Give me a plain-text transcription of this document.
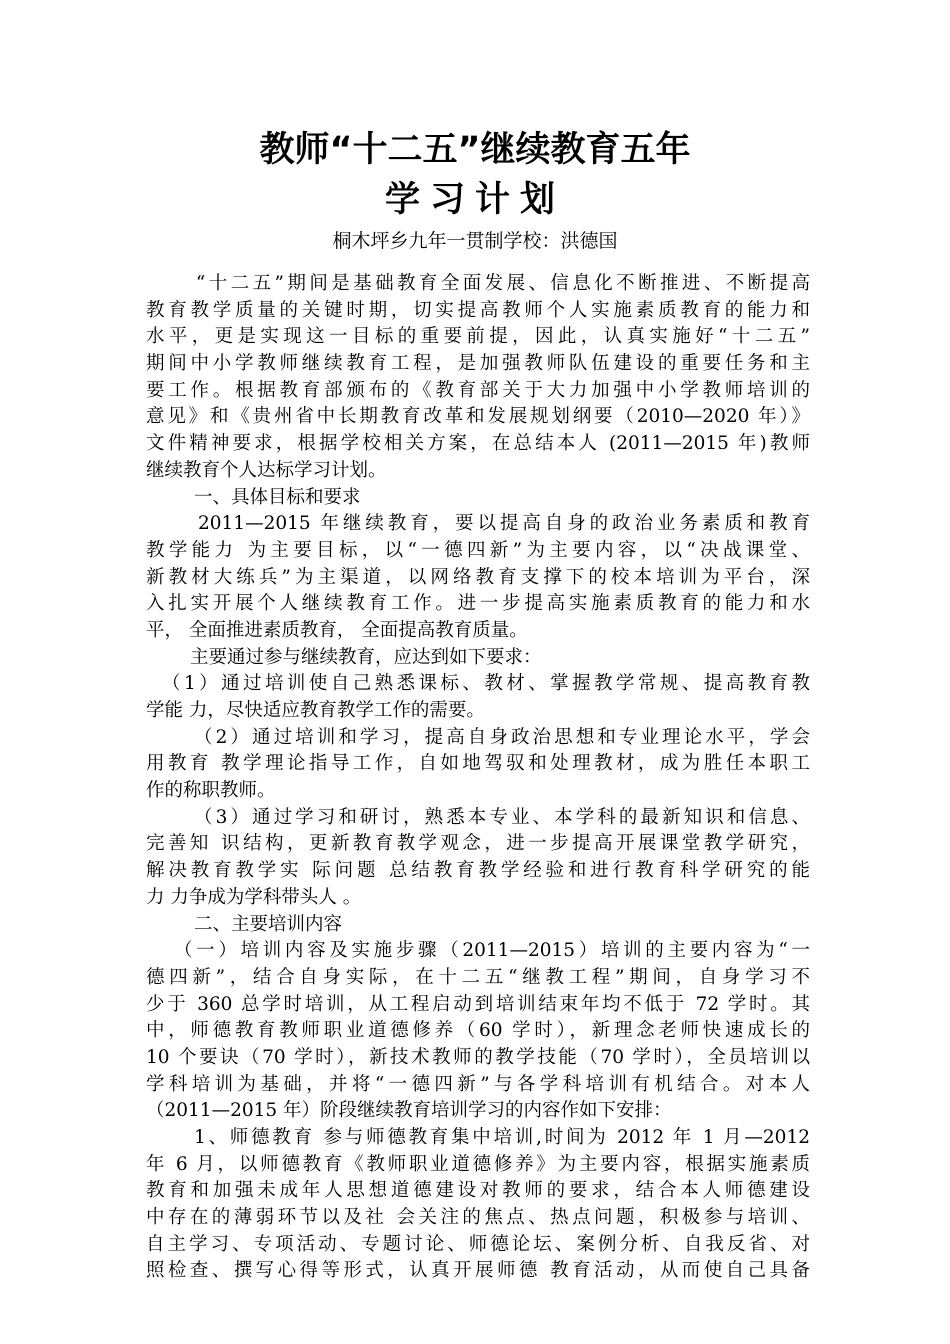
教师“十二五”继续教育五年
学习计划
桐木坪乡九年一贯制学校：洪德国
　“十二五”期间是基础教育全面发展、信息化不断推进、不断提高
教育教学质量的关键时期，切实提高教师个人实施素质教育的能力和
水平，更是实现这一目标的重要前提，因此，认真实施好“十二五”
期间中小学教师继续教育工程，是加强教师队伍建设的重要任务和主
要工作。根据教育部颁布的《教育部关于大力加强中小学教师培训的
意见》和《贵州省中长期教育改革和发展规划纲要（2010—2020 年）》
文件精神要求，根据学校相关方案，在总结本人 (2011—2015 年)教师
继续教育个人达标学习计划。
一、具体目标和要求
2011—2015 年继续教育，要以提高自身的政治业务素质和教育
教学能力 为主要目标，以“一德四新”为主要内容，以“决战课堂、
新教材大练兵”为主渠道，以网络教育支撑下的校本培训为平台，深
入扎实开展个人继续教育工作。进一步提高实施素质教育的能力和水
平， 全面推进素质教育， 全面提高教育质量。
主要通过参与继续教育，应达到如下要求：
（1）通过培训使自己熟悉课标、教材、掌握教学常规、提高教育教
学能 力，尽快适应教育教学工作的需要。
（2）通过培训和学习，提高自身政治思想和专业理论水平，学会
用教育 教学理论指导工作，自如地驾驭和处理教材，成为胜任本职工
作的称职教师。
（3）通过学习和研讨，熟悉本专业、本学科的最新知识和信息、
完善知 识结构，更新教育教学观念，进一步提高开展课堂教学研究，
解决教育教学实 际问题 总结教育教学经验和进行教育科学研究的能
力 力争成为学科带头人 。
二、主要培训内容
（一）培训内容及实施步骤（2011—2015）培训的主要内容为“一
德四新”，结合自身实际，在十二五“继教工程”期间，自身学习不
少于 360 总学时培训，从工程启动到培训结束年均不低于 72 学时。其
中，师德教育教师职业道德修养（60 学时），新理念老师快速成长的
10 个要诀（70 学时），新技术教师的教学技能（70 学时），全员培训以
学科培训为基础，并将“一德四新”与各学科培训有机结合。对本人
（2011—2015 年）阶段继续教育培训学习的内容作如下安排：
1、师德教育 参与师德教育集中培训,时间为 2012 年 1 月—2012
年 6 月，以师德教育《教师职业道德修养》为主要内容，根据实施素质
教育和加强未成年人思想道德建设对教师的要求，结合本人师德建设
中存在的薄弱环节以及社 会关注的焦点、热点问题，积极参与培训、
自主学习、专项活动、专题讨论、师德论坛、案例分析、自我反省、对
照检查、撰写心得等形式，认真开展师德 教育活动，从而使自己具备
